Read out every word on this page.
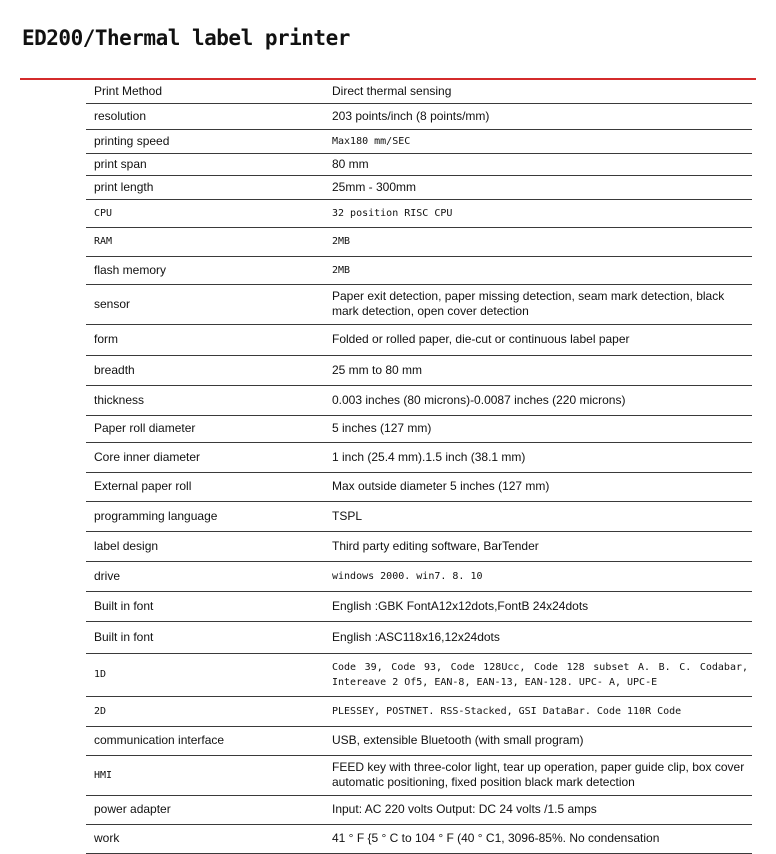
ED200/Thermal label printer
Print Method	Direct thermal sensing
resolution	203 points/inch (8 points/mm)
printing speed	Max180 mm/SEC
print span	80 mm
print length	25mm - 300mm
CPU	32 position RISC CPU
RAM	2MB
flash memory	2MB
sensor	Paper exit detection, paper missing detection, seam mark detection, black mark detection, open cover detection
form	Folded or rolled paper, die-cut or continuous label paper
breadth	25 mm to 80 mm
thickness	0.003 inches (80 microns)-0.0087 inches (220 microns)
Paper roll diameter	5 inches (127 mm)
Core inner diameter	1 inch (25.4 mm).1.5 inch (38.1 mm)
External paper roll	Max outside diameter 5 inches (127 mm)
programming language	TSPL
label design	Third party editing software, BarTender
drive	windows 2000. win7. 8. 10
Built in font	English :GBK FontA12x12dots,FontB 24x24dots
Built in font	English :ASC118x16,12x24dots
1D	Code 39, Code 93, Code 128Ucc, Code 128 subset A. B. C. Codabar, Intereave 2 Of5, EAN-8, EAN-13, EAN-128. UPC- A, UPC-E
2D	PLESSEY, POSTNET. RSS-Stacked, GSI DataBar. Code 110R Code
communication interface	USB, extensible Bluetooth (with small program)
HMI	FEED key with three-color light, tear up operation, paper guide clip, box cover automatic positioning, fixed position black mark detection
power adapter	Input: AC 220 volts Output: DC 24 volts /1.5 amps
work	41 ° F {5 ° C to 104 ° F (40 ° C1, 3096-85%. No condensation
